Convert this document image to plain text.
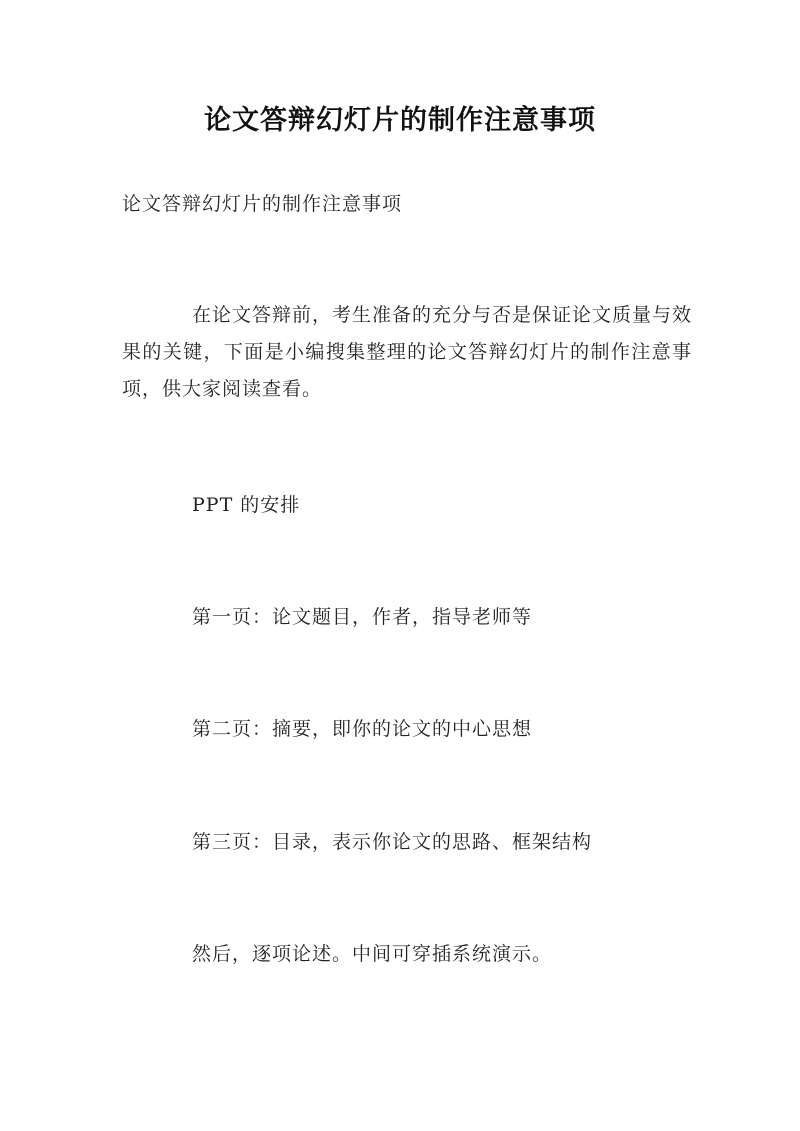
论文答辩幻灯片的制作注意事项
论文答辩幻灯片的制作注意事项
在论文答辩前，考生准备的充分与否是保证论文质量与效果的关键，下面是小编搜集整理的论文答辩幻灯片的制作注意事项，供大家阅读查看。
PPT 的安排
第一页：论文题目，作者，指导老师等
第二页：摘要，即你的论文的中心思想
第三页：目录，表示你论文的思路、框架结构
然后，逐项论述。中间可穿插系统演示。
